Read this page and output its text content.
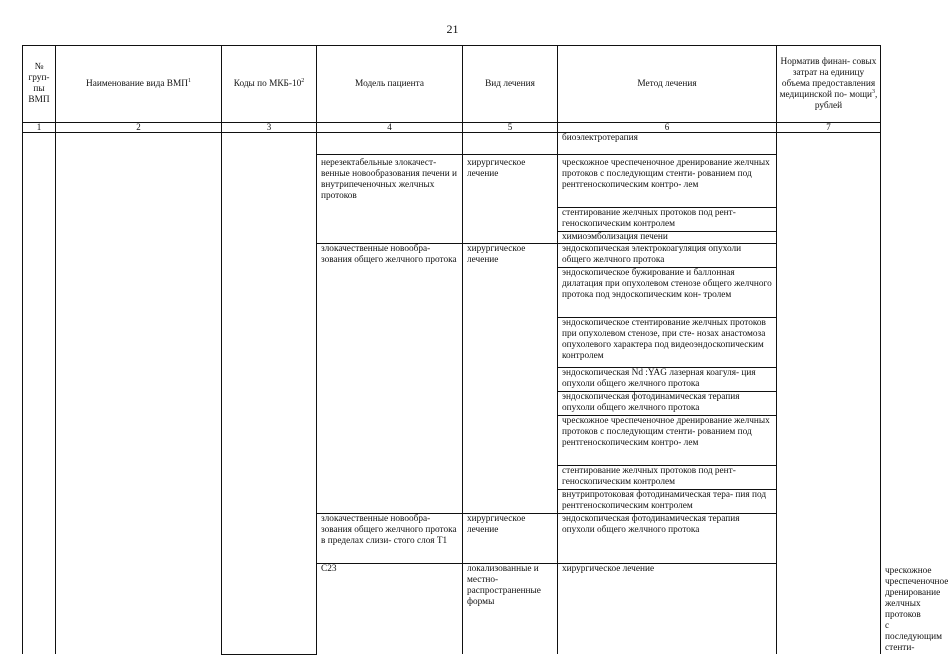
21
№ груп- пы ВМП	Наименование вида ВМП$^1$	Коды по МКБ-$10^2$	Модель пациента	Вид лечения	Метод лечения	Норматив финан- совых затрат на единицу объема предоставления медицинской по- мощи$^3$, рублей	
1	2	3	4	5	6	7	
					биоэлектротерапия		
			нерезектабельные злокачест- венные новообразования печени и внутрипеченочных желчных протоков	хирургическое лечение	чрескожное чреспеченочное дренирование желчных протоков с последующим стенти- рованием под рентгеноскопическим контро- лем		
					стентирование желчных протоков под рент- геноскопическим контролем		
					химиоэмболизация печени		
			злокачественные новообра- зования общего желчного протока	хирургическое лечение	эндоскопическая электрокоагуляция опухоли общего желчного протока		
					эндоскопическое бужирование и баллонная дилатация при опухолевом стенозе общего желчного протока под эндоскопическим кон- тролем		
					эндоскопическое стентирование желчных протоков при опухолевом стенозе, при сте- нозах анастомоза опухолевого характера под видеоэндоскопическим контролем		
					эндоскопическая Nd :YAG лазерная коагуля- ция опухоли общего желчного протока		
					эндоскопическая фотодинамическая терапия опухоли общего желчного протока		
					чрескожное чреспеченочное дренирование желчных протоков с последующим стенти- рованием под рентгеноскопическим контро- лем		
					стентирование желчных протоков под рент- геноскопическим контролем		
					внутрипротоковая фотодинамическая тера- пия под рентгеноскопическим контролем		
			злокачественные новообра- зования общего желчного протока в пределах слизи- стого слоя T1	хирургическое лечение	эндоскопическая фотодинамическая терапия опухоли общего желчного протока		
			C23	локализованные и местно- распространенные формы	хирургическое лечение		чрескожное чреспеченочное дренирование желчных протоков с последующим стенти-
